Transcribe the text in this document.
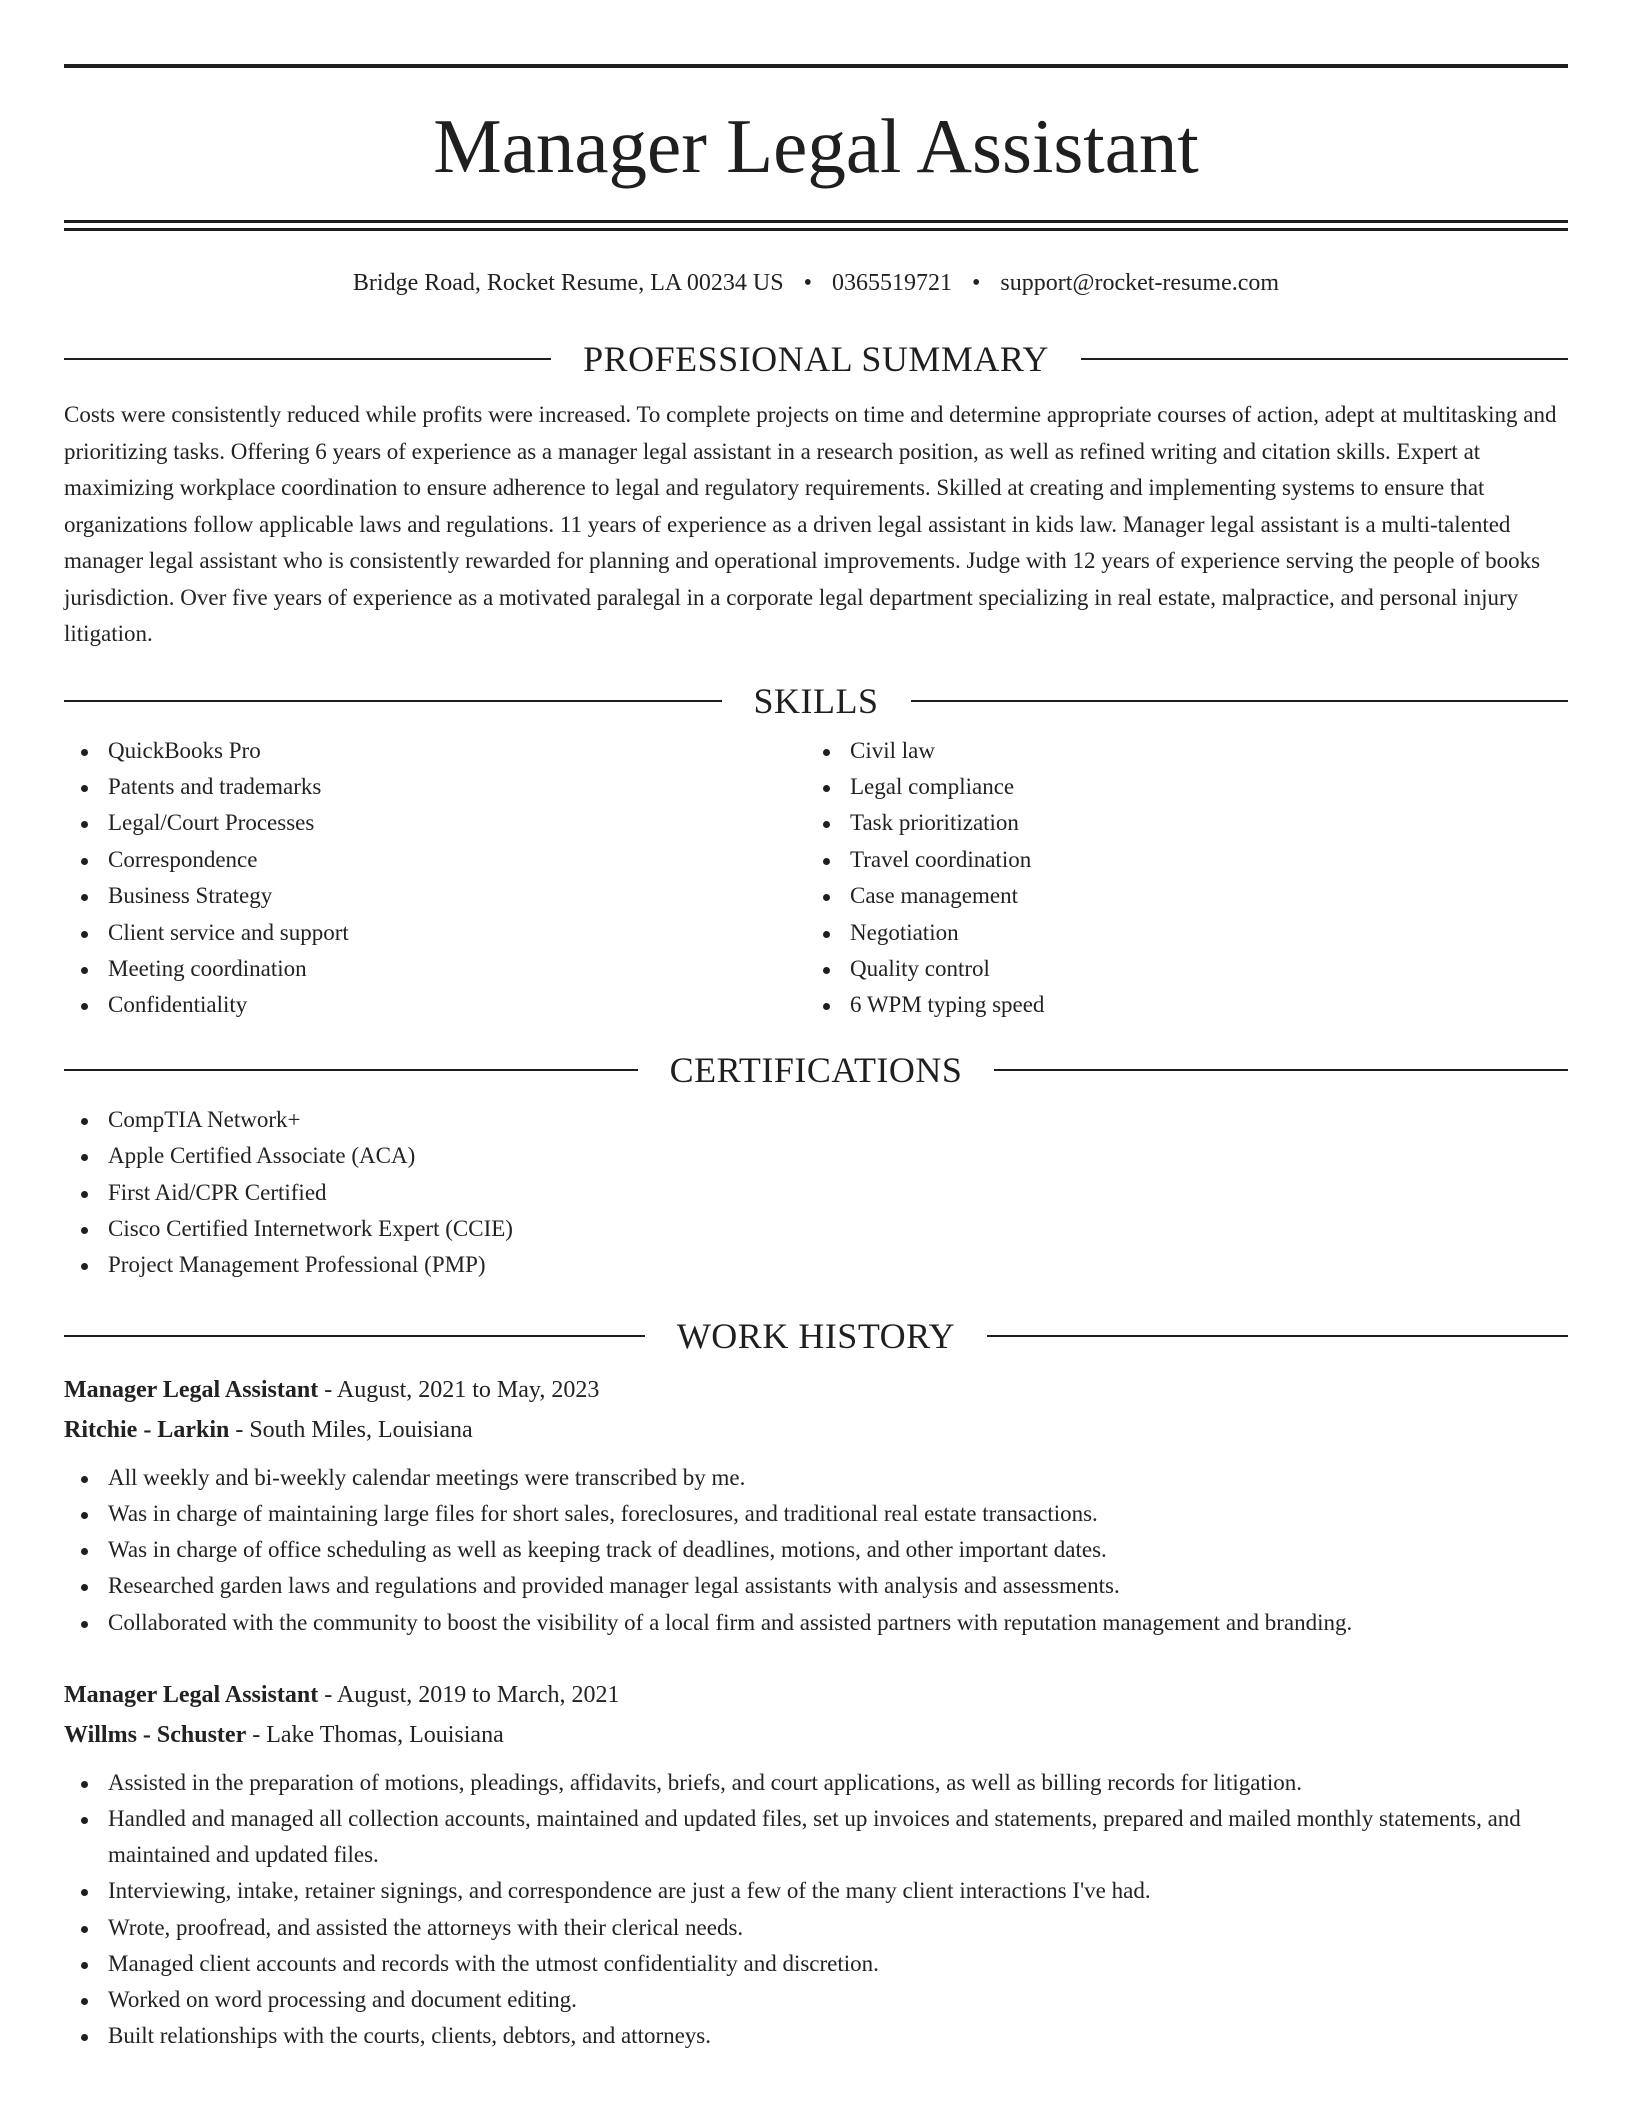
Manager Legal Assistant
Bridge Road, Rocket Resume, LA 00234 US • 0365519721 • support@rocket-resume.com
PROFESSIONAL SUMMARY
Costs were consistently reduced while profits were increased. To complete projects on time and determine appropriate courses of action, adept at multitasking and prioritizing tasks. Offering 6 years of experience as a manager legal assistant in a research position, as well as refined writing and citation skills. Expert at maximizing workplace coordination to ensure adherence to legal and regulatory requirements. Skilled at creating and implementing systems to ensure that organizations follow applicable laws and regulations. 11 years of experience as a driven legal assistant in kids law. Manager legal assistant is a multi-talented manager legal assistant who is consistently rewarded for planning and operational improvements. Judge with 12 years of experience serving the people of books jurisdiction. Over five years of experience as a motivated paralegal in a corporate legal department specializing in real estate, malpractice, and personal injury litigation.
SKILLS
QuickBooks Pro
Patents and trademarks
Legal/Court Processes
Correspondence
Business Strategy
Client service and support
Meeting coordination
Confidentiality
Civil law
Legal compliance
Task prioritization
Travel coordination
Case management
Negotiation
Quality control
6 WPM typing speed
CERTIFICATIONS
CompTIA Network+
Apple Certified Associate (ACA)
First Aid/CPR Certified
Cisco Certified Internetwork Expert (CCIE)
Project Management Professional (PMP)
WORK HISTORY
Manager Legal Assistant - August, 2021 to May, 2023
Ritchie - Larkin - South Miles, Louisiana
All weekly and bi-weekly calendar meetings were transcribed by me.
Was in charge of maintaining large files for short sales, foreclosures, and traditional real estate transactions.
Was in charge of office scheduling as well as keeping track of deadlines, motions, and other important dates.
Researched garden laws and regulations and provided manager legal assistants with analysis and assessments.
Collaborated with the community to boost the visibility of a local firm and assisted partners with reputation management and branding.
Manager Legal Assistant - August, 2019 to March, 2021
Willms - Schuster - Lake Thomas, Louisiana
Assisted in the preparation of motions, pleadings, affidavits, briefs, and court applications, as well as billing records for litigation.
Handled and managed all collection accounts, maintained and updated files, set up invoices and statements, prepared and mailed monthly statements, and maintained and updated files.
Interviewing, intake, retainer signings, and correspondence are just a few of the many client interactions I've had.
Wrote, proofread, and assisted the attorneys with their clerical needs.
Managed client accounts and records with the utmost confidentiality and discretion.
Worked on word processing and document editing.
Built relationships with the courts, clients, debtors, and attorneys.
